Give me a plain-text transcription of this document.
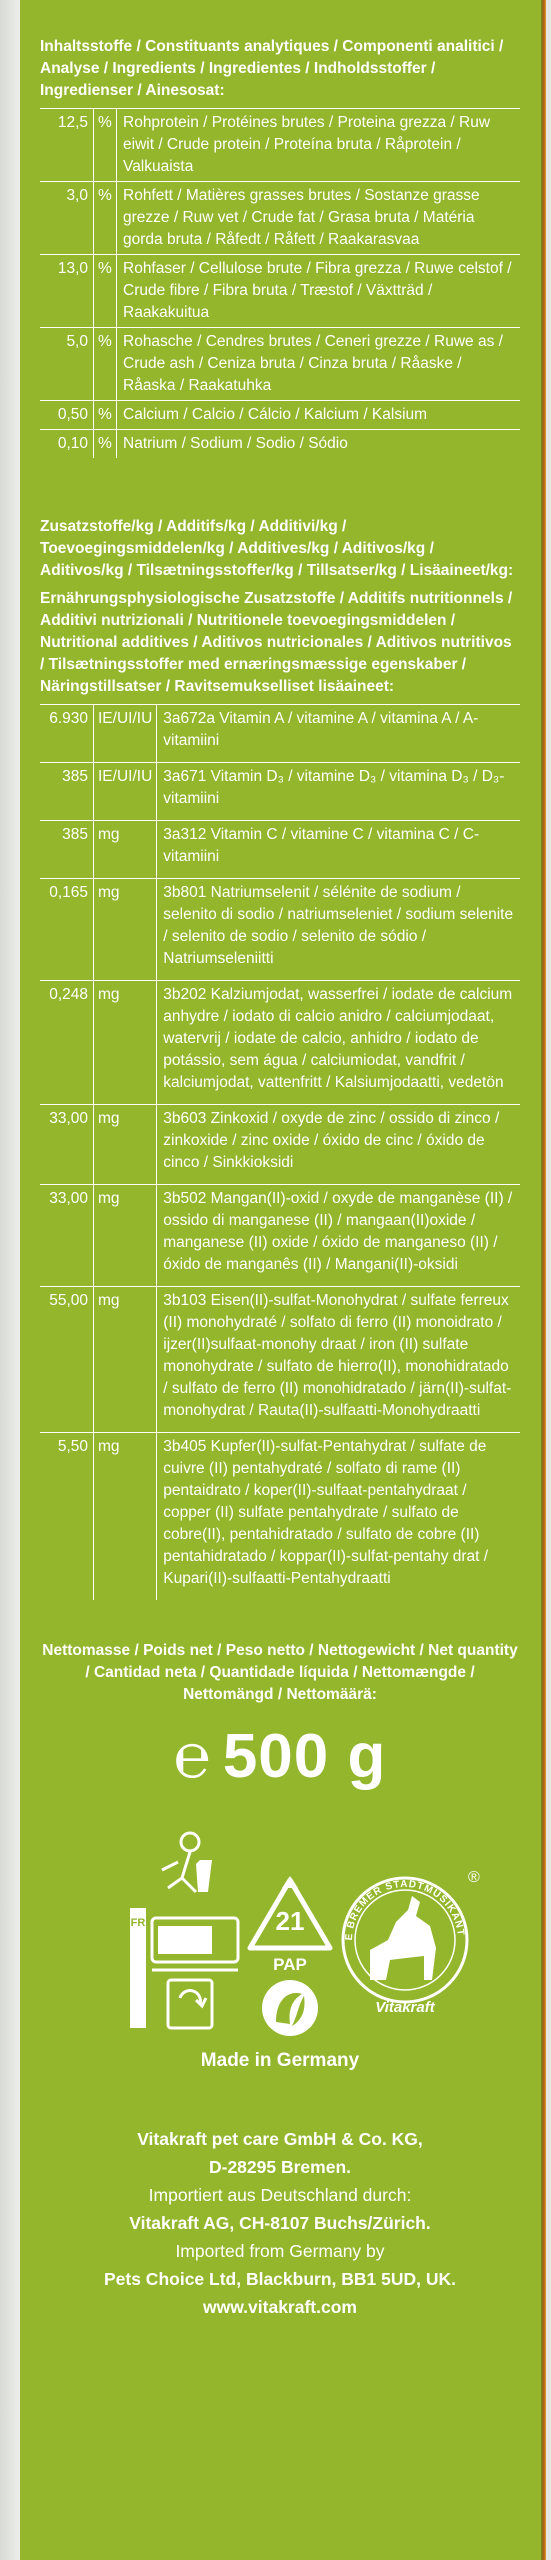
Inhaltsstoffe / Constituants analytiques / Componenti analitici / Analyse / Ingredients / Ingredientes / Indholdsstoffer / Ingredienser / Ainesosat:
12,5	%	Rohprotein / Protéines brutes / Proteina grezza / Ruw eiwit / Crude protein / Proteína bruta / Råprotein / Valkuaista
3,0	%	Rohfett / Matières grasses brutes / Sostanze grasse grezze / Ruw vet / Crude fat / Grasa bruta / Matéria gorda bruta / Råfedt / Råfett / Raakarasvaa
13,0	%	Rohfaser / Cellulose brute / Fibra grezza / Ruwe celstof / Crude fibre / Fibra bruta / Træstof / Växtträd / Raakakuitua
5,0	%	Rohasche / Cendres brutes / Ceneri grezze / Ruwe as / Crude ash / Ceniza bruta / Cinza bruta / Råaske / Råaska / Raakatuhka
0,50	%	Calcium / Calcio / Cálcio / Kalcium / Kalsium
0,10	%	Natrium / Sodium / Sodio / Sódio
Zusatzstoffe/kg / Additifs/kg / Additivi/kg / Toevoegingsmiddelen/kg / Additives/kg / Aditivos/kg / Aditivos/kg / Tilsætningsstoffer/kg / Tillsatser/kg / Lisäaineet/kg:
Ernährungsphysiologische Zusatzstoffe / Additifs nutritionnels / Additivi nutrizionali / Nutritionele toevoegingsmiddelen / Nutritional additives / Aditivos nutricionales / Aditivos nutritivos / Tilsætningsstoffer med ernæringsmæssige egenskaber / Näringstillsatser / Ravitsemukselliset lisäaineet:
6.930	IE/UI/IU	3a672a Vitamin A / vitamine A / vitamina A / A-vitamiini
385	IE/UI/IU	3a671 Vitamin D₃ / vitamine D₃ / vitamina D₃ / D₃-vitamiini
385	mg	3a312 Vitamin C / vitamine C / vitamina C / C-vitamiini
0,165	mg	3b801 Natriumselenit / sélénite de sodium / selenito di sodio / natriumseleniet / sodium selenite / selenito de sodio / selenito de sódio / Natriumseleniitti
0,248	mg	3b202 Kalziumjodat, wasserfrei / iodate de calcium anhydre / iodato di calcio anidro / calciumjodaat, watervrij / iodate de calcio, anhidro / iodato de potássio, sem água / calciumiodat, vandfrit / kalciumjodat, vattenfritt / Kalsiumjodaatti, vedetön
33,00	mg	3b603 Zinkoxid / oxyde de zinc / ossido di zinco / zinkoxide / zinc oxide / óxido de cinc / óxido de cinco / Sinkkioksidi
33,00	mg	3b502 Mangan(II)-oxid / oxyde de manganèse (II) / ossido di manganese (II) / mangaan(II)oxide / manganese (II) oxide / óxido de manganeso (II) / óxido de manganês (II) / Mangani(II)-oksidi
55,00	mg	3b103 Eisen(II)-sulfat-Monohydrat / sulfate ferreux (II) monohydraté / solfato di ferro (II) monoidrato / ijzer(II)sulfaat-monohy draat / iron (II) sulfate monohydrate / sulfato de hierro(II), monohidratado / sulfato de ferro (II) monohidratado / järn(II)-sulfat-monohydrat / Rauta(II)-sulfaatti-Monohydraatti
5,50	mg	3b405 Kupfer(II)-sulfat-Pentahydrat / sulfate de cuivre (II) pentahydraté / solfato di rame (II) pentaidrato / koper(II)-sulfaat-pentahydraat / copper (II) sulfate pentahydrate / sulfato de cobre(II), pentahidratado / sulfato de cobre (II) pentahidratado / koppar(II)-sulfat-pentahy drat / Kupari(II)-sulfaatti-Pentahydraatti
Nettomasse / Poids net / Peso netto / Nettogewicht / Net quantity / Cantidad neta / Quantidade líquida / Nettomængde / Nettomängd / Nettomäärä:
℮ 500 g
FR	21
PAP
E BREMER STADTMUSIKANT
Vitakraft
®
Made in Germany
Vitakraft pet care GmbH & Co. KG,
D-28295 Bremen.
Importiert aus Deutschland durch:
Vitakraft AG, CH-8107 Buchs/Zürich.
Imported from Germany by
Pets Choice Ltd, Blackburn, BB1 5UD, UK.
www.vitakraft.com
